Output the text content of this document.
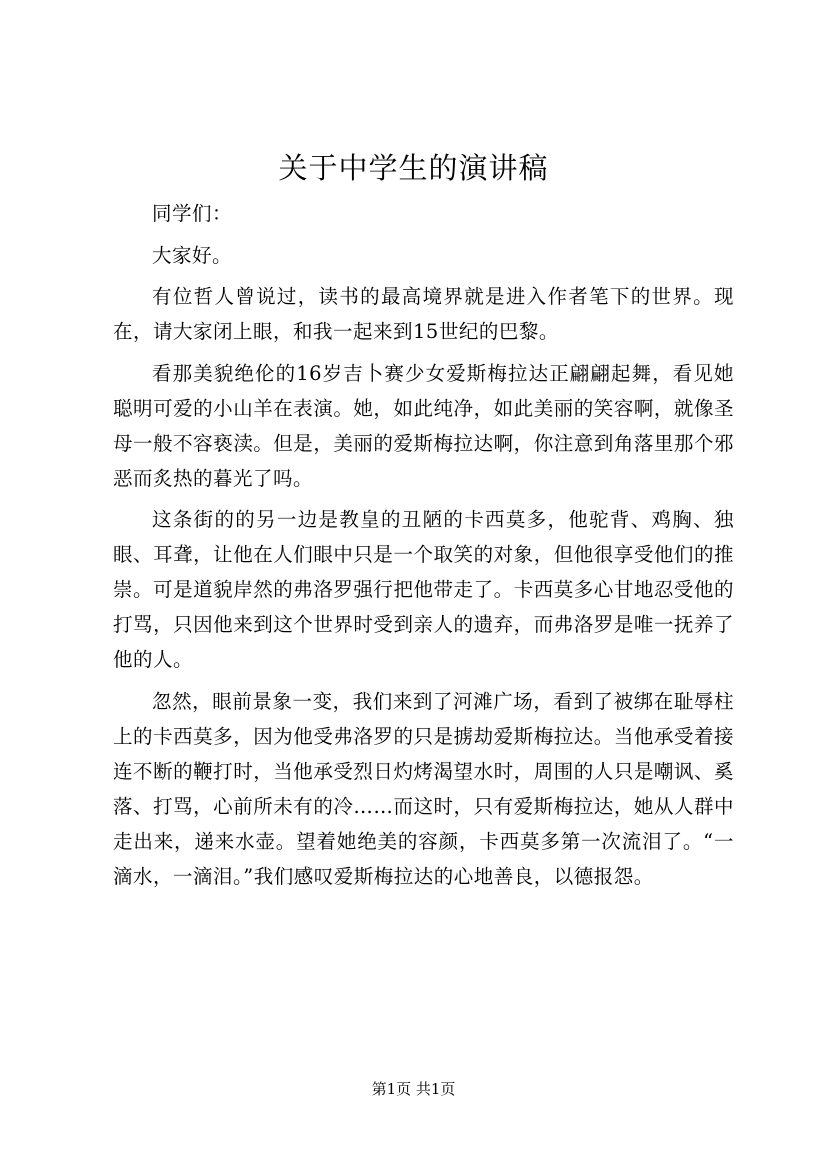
关于中学生的演讲稿

同学们：

大家好。

有位哲人曾说过，读书的最高境界就是进入作者笔下的世界。现在，请大家闭上眼，和我一起来到15世纪的巴黎。

看那美貌绝伦的16岁吉卜赛少女爱斯梅拉达正翩翩起舞，看见她聪明可爱的小山羊在表演。她，如此纯净，如此美丽的笑容啊，就像圣母一般不容亵渎。但是，美丽的爱斯梅拉达啊，你注意到角落里那个邪恶而炙热的暮光了吗。

这条街的的另一边是教皇的丑陋的卡西莫多，他驼背、鸡胸、独眼、耳聋，让他在人们眼中只是一个取笑的对象，但他很享受他们的推崇。可是道貌岸然的弗洛罗强行把他带走了。卡西莫多心甘地忍受他的打骂，只因他来到这个世界时受到亲人的遗弃，而弗洛罗是唯一抚养了他的人。

忽然，眼前景象一变，我们来到了河滩广场，看到了被绑在耻辱柱上的卡西莫多，因为他受弗洛罗的只是掳劫爱斯梅拉达。当他承受着接连不断的鞭打时，当他承受烈日灼烤渴望水时，周围的人只是嘲讽、奚落、打骂，心前所未有的冷……而这时，只有爱斯梅拉达，她从人群中走出来，递来水壶。望着她绝美的容颜，卡西莫多第一次流泪了。“一滴水，一滴泪。”我们感叹爱斯梅拉达的心地善良，以德报怨。

第1页 共1页
